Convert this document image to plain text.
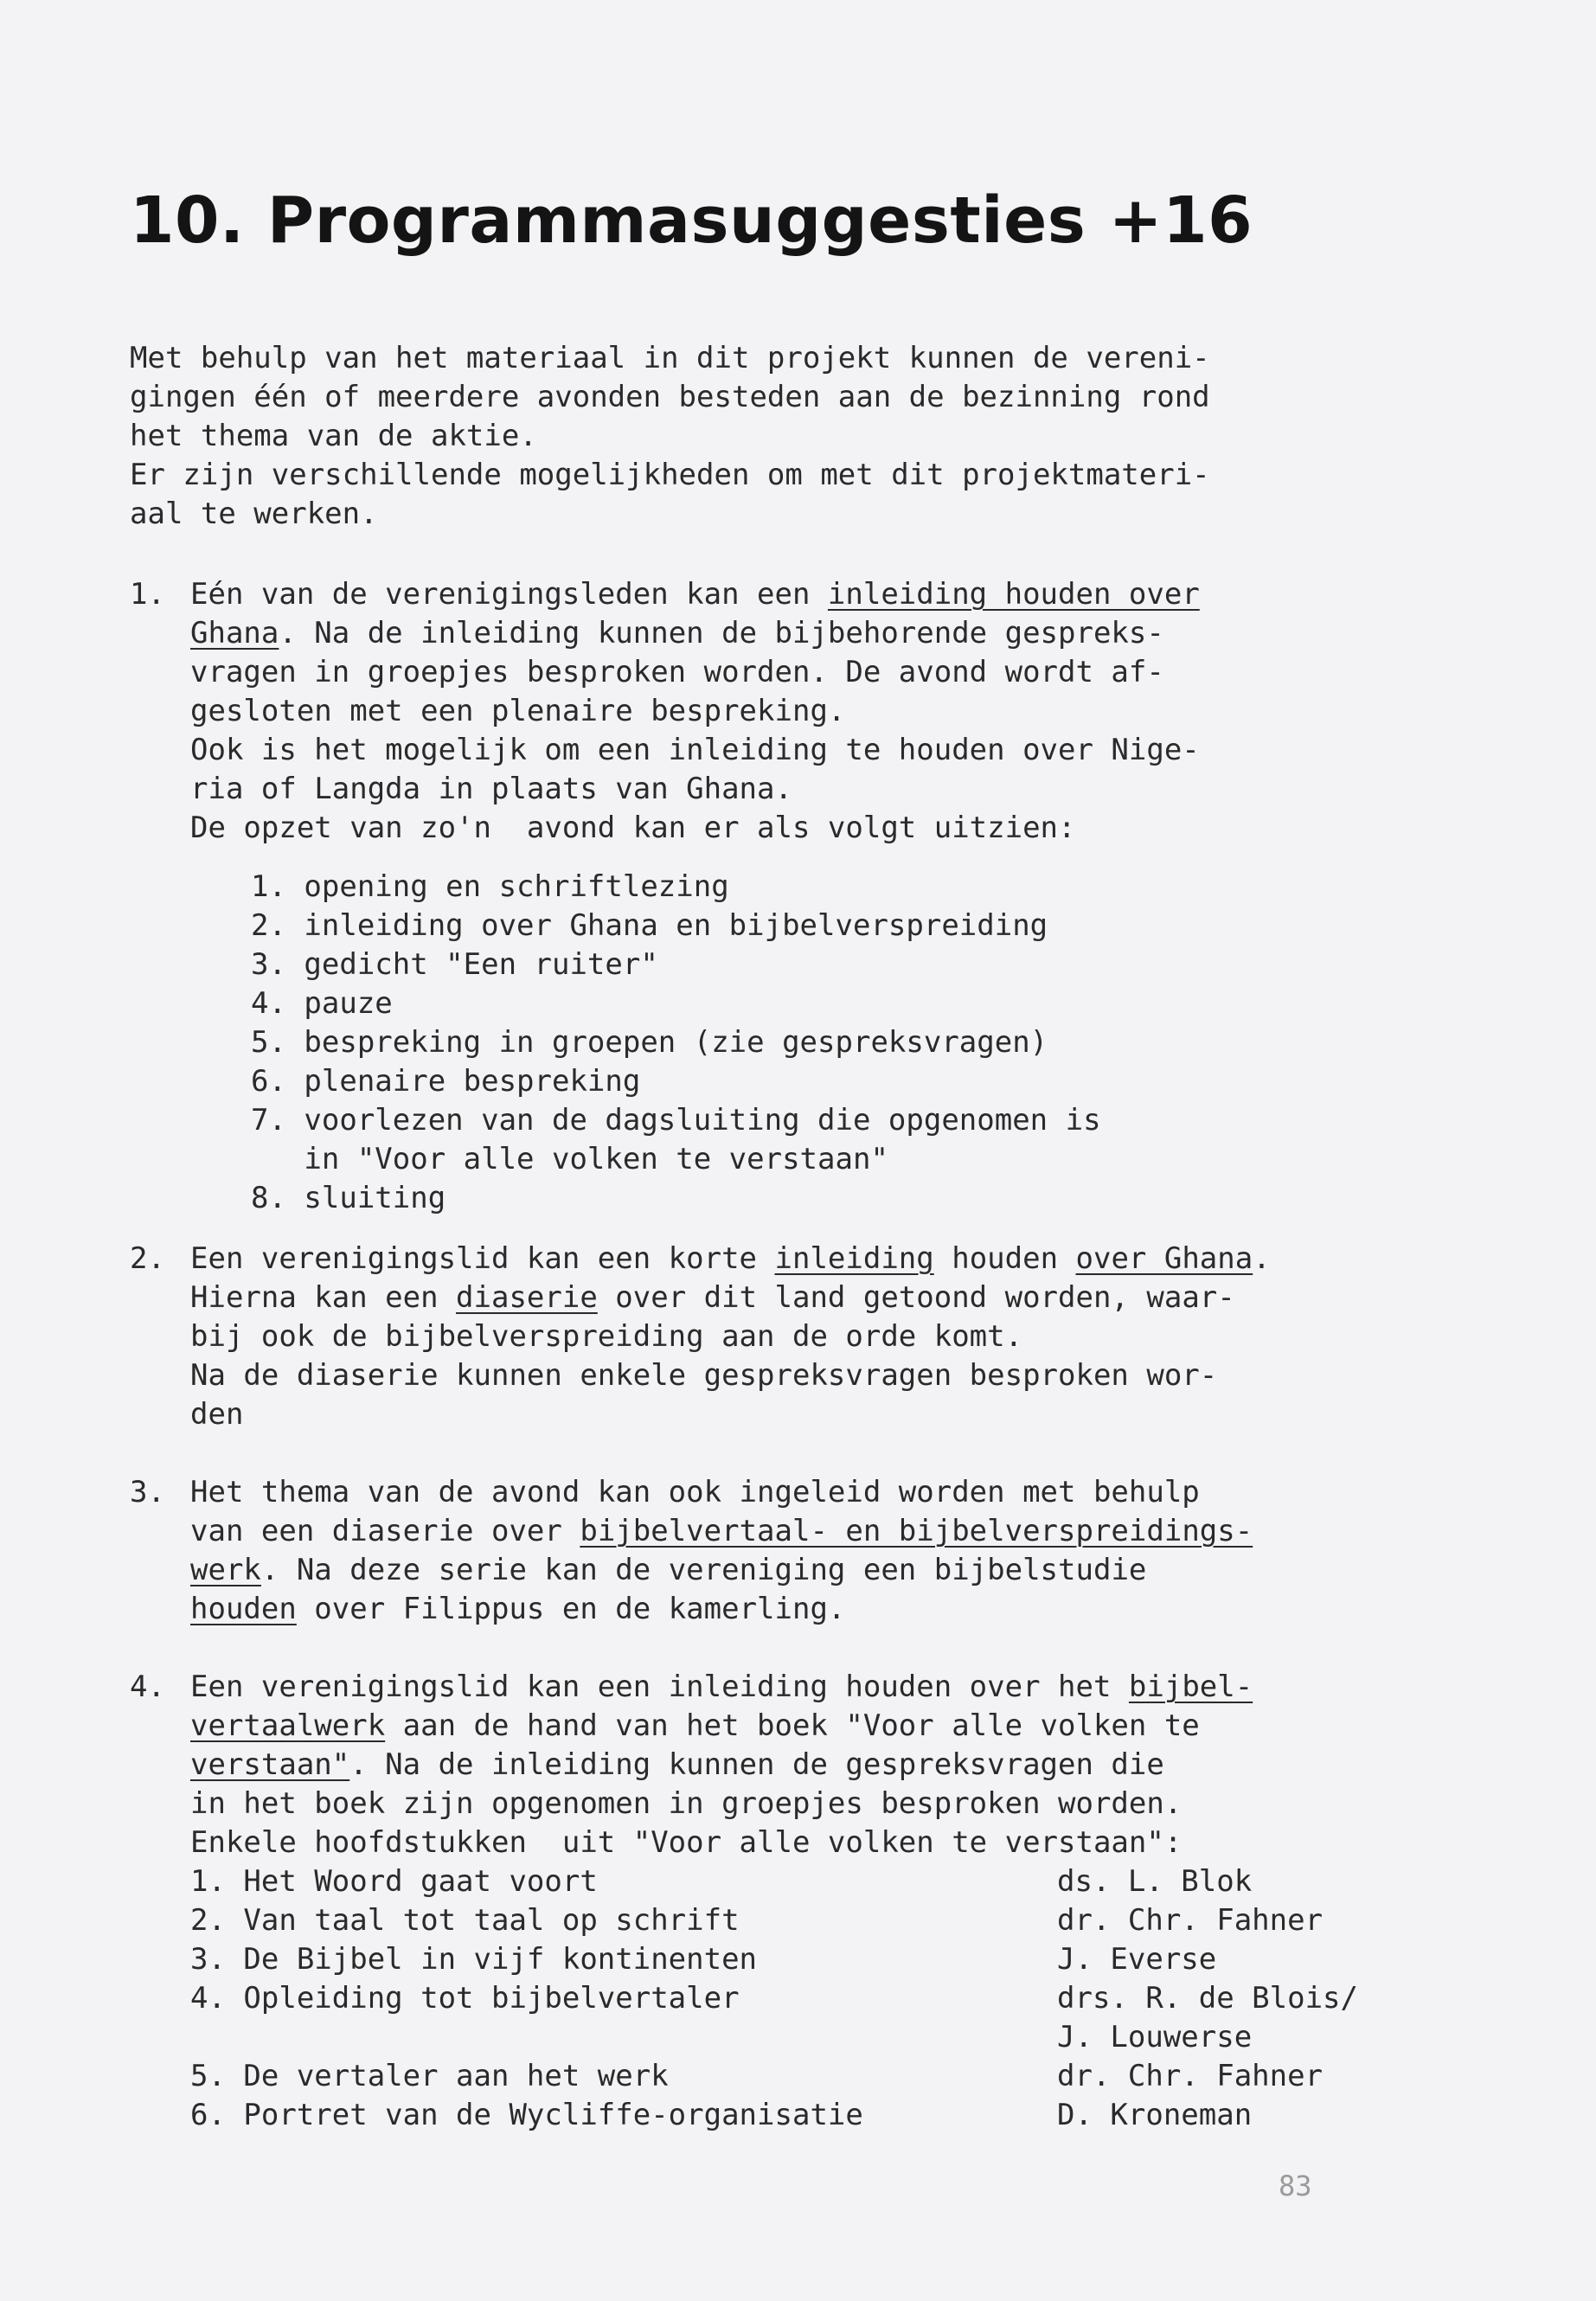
10. Programmasuggesties +16
Met behulp van het materiaal in dit projekt kunnen de vereni-
gingen één of meerdere avonden besteden aan de bezinning rond
het thema van de aktie.
Er zijn verschillende mogelijkheden om met dit projektmateri-
aal te werken.
1. Eén van de verenigingsleden kan een inleiding houden over
Ghana. Na de inleiding kunnen de bijbehorende gespreks-
vragen in groepjes besproken worden. De avond wordt af-
gesloten met een plenaire bespreking.
Ook is het mogelijk om een inleiding te houden over Nige-
ria of Langda in plaats van Ghana.
De opzet van zo'n  avond kan er als volgt uitzien:
1. opening en schriftlezing
2. inleiding over Ghana en bijbelverspreiding
3. gedicht "Een ruiter"
4. pauze
5. bespreking in groepen (zie gespreksvragen)
6. plenaire bespreking
7. voorlezen van de dagsluiting die opgenomen is
in "Voor alle volken te verstaan"
8. sluiting
2. Een verenigingslid kan een korte inleiding houden over Ghana.
Hierna kan een diaserie over dit land getoond worden, waar-
bij ook de bijbelverspreiding aan de orde komt.
Na de diaserie kunnen enkele gespreksvragen besproken wor-
den
3. Het thema van de avond kan ook ingeleid worden met behulp
van een diaserie over bijbelvertaal- en bijbelverspreidings-
werk. Na deze serie kan de vereniging een bijbelstudie
houden over Filippus en de kamerling.
4. Een verenigingslid kan een inleiding houden over het bijbel-
vertaalwerk aan de hand van het boek "Voor alle volken te
verstaan". Na de inleiding kunnen de gespreksvragen die
in het boek zijn opgenomen in groepjes besproken worden.
Enkele hoofdstukken  uit "Voor alle volken te verstaan":
1. Het Woord gaat voort	ds. L. Blok
2. Van taal tot taal op schrift	dr. Chr. Fahner
3. De Bijbel in vijf kontinenten	J. Everse
4. Opleiding tot bijbelvertaler	drs. R. de Blois/
J. Louwerse
5. De vertaler aan het werk	dr. Chr. Fahner
6. Portret van de Wycliffe-organisatie	D. Kroneman
83
